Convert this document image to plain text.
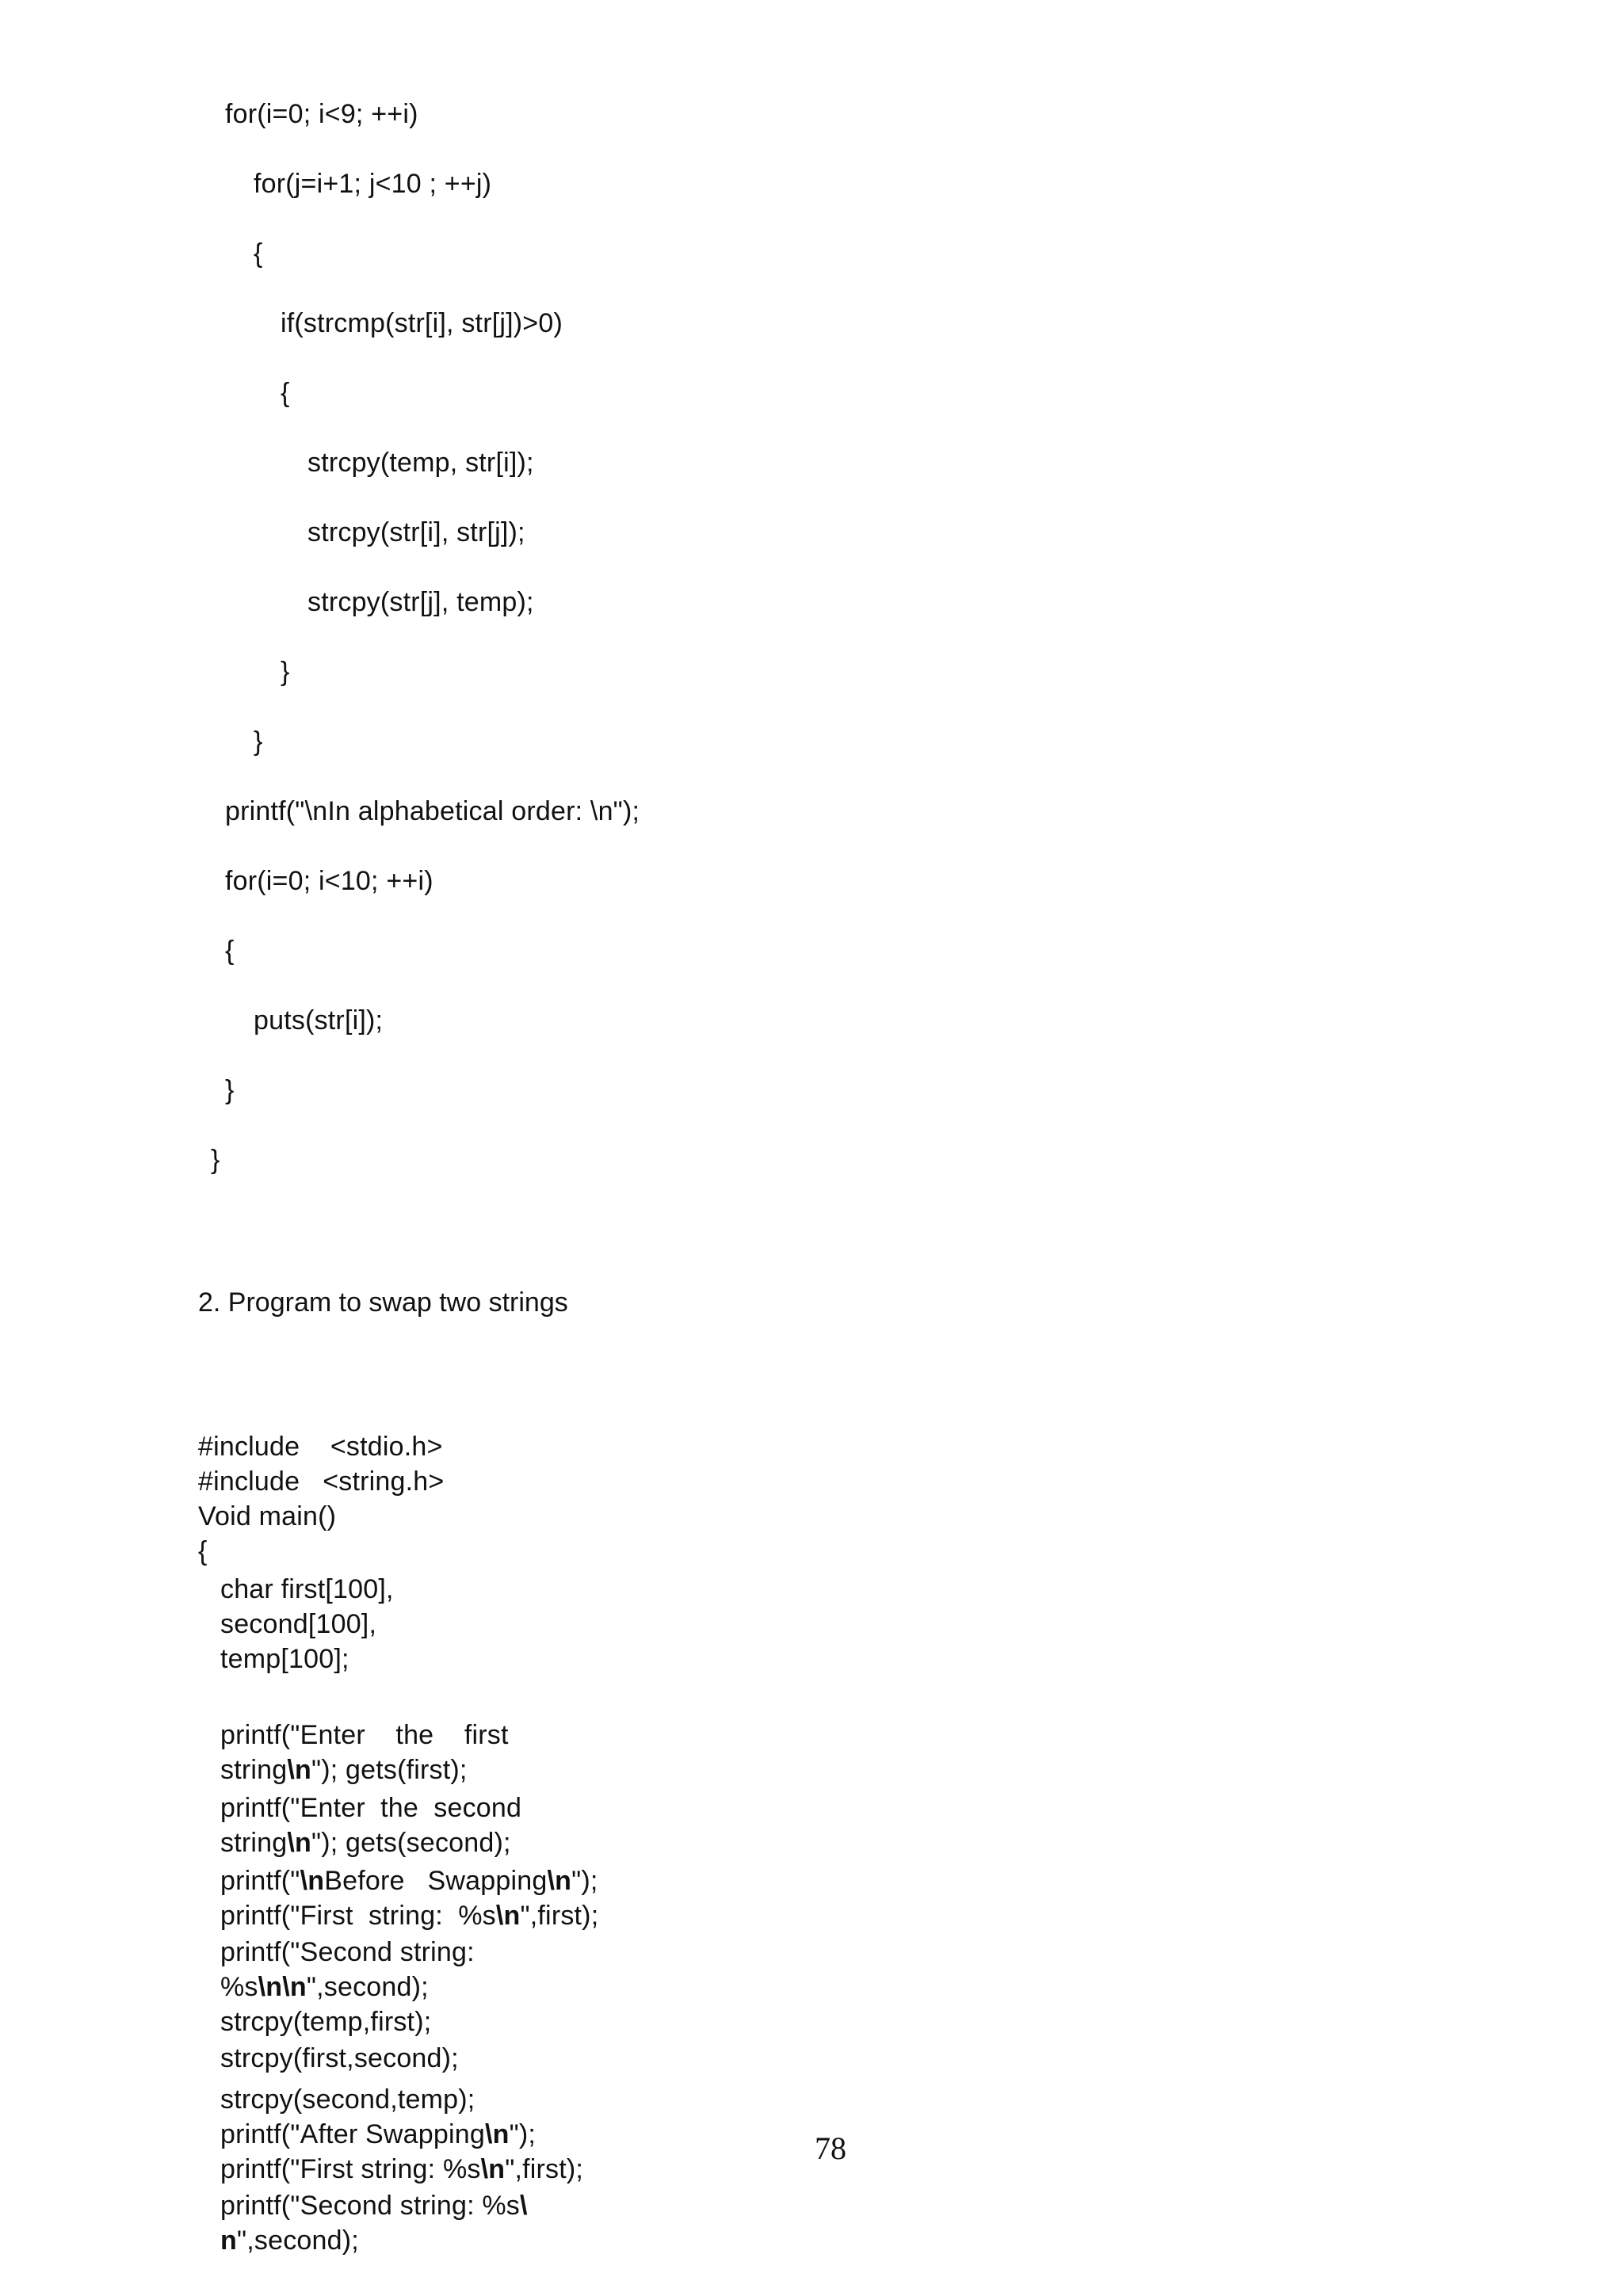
for(i=0; i<9; ++i)
for(j=i+1; j<10 ; ++j)
{
if(strcmp(str[i], str[j])>0)
{
strcpy(temp, str[i]);
strcpy(str[i], str[j]);
strcpy(str[j], temp);
}
}
printf("\nIn alphabetical order: \n");
for(i=0; i<10; ++i)
{
puts(str[i]);
}
}
2. Program to swap two strings
#include    <stdio.h>
#include   <string.h>
Void main()
{
char first[100],
second[100],
temp[100];
printf("Enter    the    first
string\n"); gets(first);
printf("Enter  the  second
string\n"); gets(second);
printf("\nBefore   Swapping\n");
printf("First  string:  %s\n",first);
printf("Second string:
%s\n\n",second);
strcpy(temp,first);
strcpy(first,second);
strcpy(second,temp);
printf("After Swapping\n");
printf("First string: %s\n",first);
printf("Second string: %s\
n",second);
78
